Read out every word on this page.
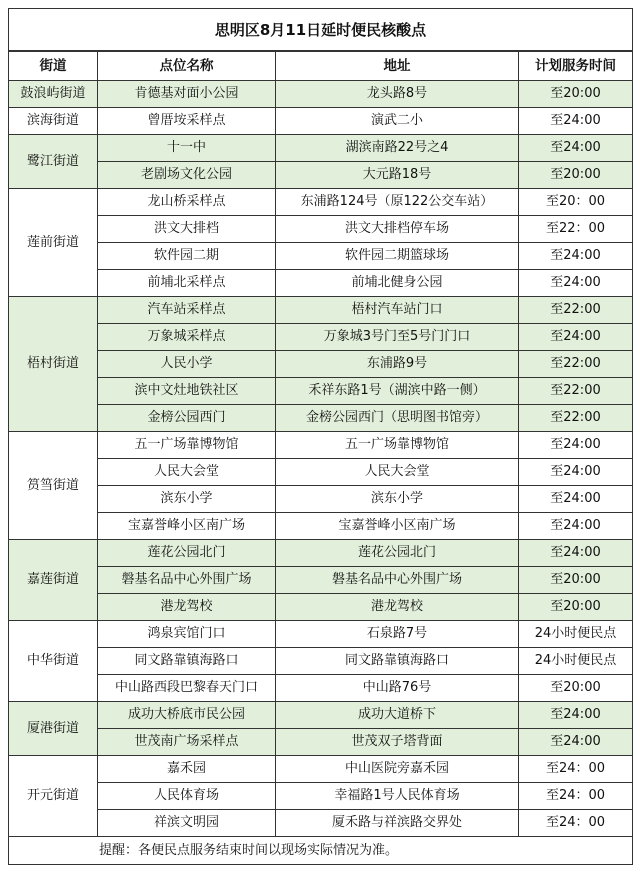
思明区8月11日延时便民核酸点			
街道	点位名称	地址	计划服务时间
鼓浪屿街道	肯德基对面小公园	龙头路8号	至20:00
滨海街道	曾厝垵采样点	演武二小	至24:00
鹭江街道	十一中	湖滨南路22号之4	至24:00
	老剧场文化公园	大元路18号	至20:00
莲前街道	龙山桥采样点	东浦路124号（原122公交车站）	至20：00
	洪文大排档	洪文大排档停车场	至22：00
	软件园二期	软件园二期篮球场	至24:00
	前埔北采样点	前埔北健身公园	至24:00
梧村街道	汽车站采样点	梧村汽车站门口	至22:00
	万象城采样点	万象城3号门至5号门门口	至24:00
	人民小学	东浦路9号	至22:00
	滨中文灶地铁社区	禾祥东路1号（湖滨中路一侧）	至22:00
	金榜公园西门	金榜公园西门（思明图书馆旁）	至22:00
筼筜街道	五一广场靠博物馆	五一广场靠博物馆	至24:00
	人民大会堂	人民大会堂	至24:00
	滨东小学	滨东小学	至24:00
	宝嘉誉峰小区南广场	宝嘉誉峰小区南广场	至24:00
嘉莲街道	莲花公园北门	莲花公园北门	至24:00
	磐基名品中心外围广场	磐基名品中心外围广场	至20:00
	港龙驾校	港龙驾校	至20:00
中华街道	鸿泉宾馆门口	石泉路7号	24小时便民点
	同文路靠镇海路口	同文路靠镇海路口	24小时便民点
	中山路西段巴黎春天门口	中山路76号	至20:00
厦港街道	成功大桥底市民公园	成功大道桥下	至24:00
	世茂南广场采样点	世茂双子塔背面	至24:00
开元街道	嘉禾园	中山医院旁嘉禾园	至24：00
	人民体育场	幸福路1号人民体育场	至24：00
	祥滨文明园	厦禾路与祥滨路交界处	至24：00
提醒：各便民点服务结束时间以现场实际情况为准。			
